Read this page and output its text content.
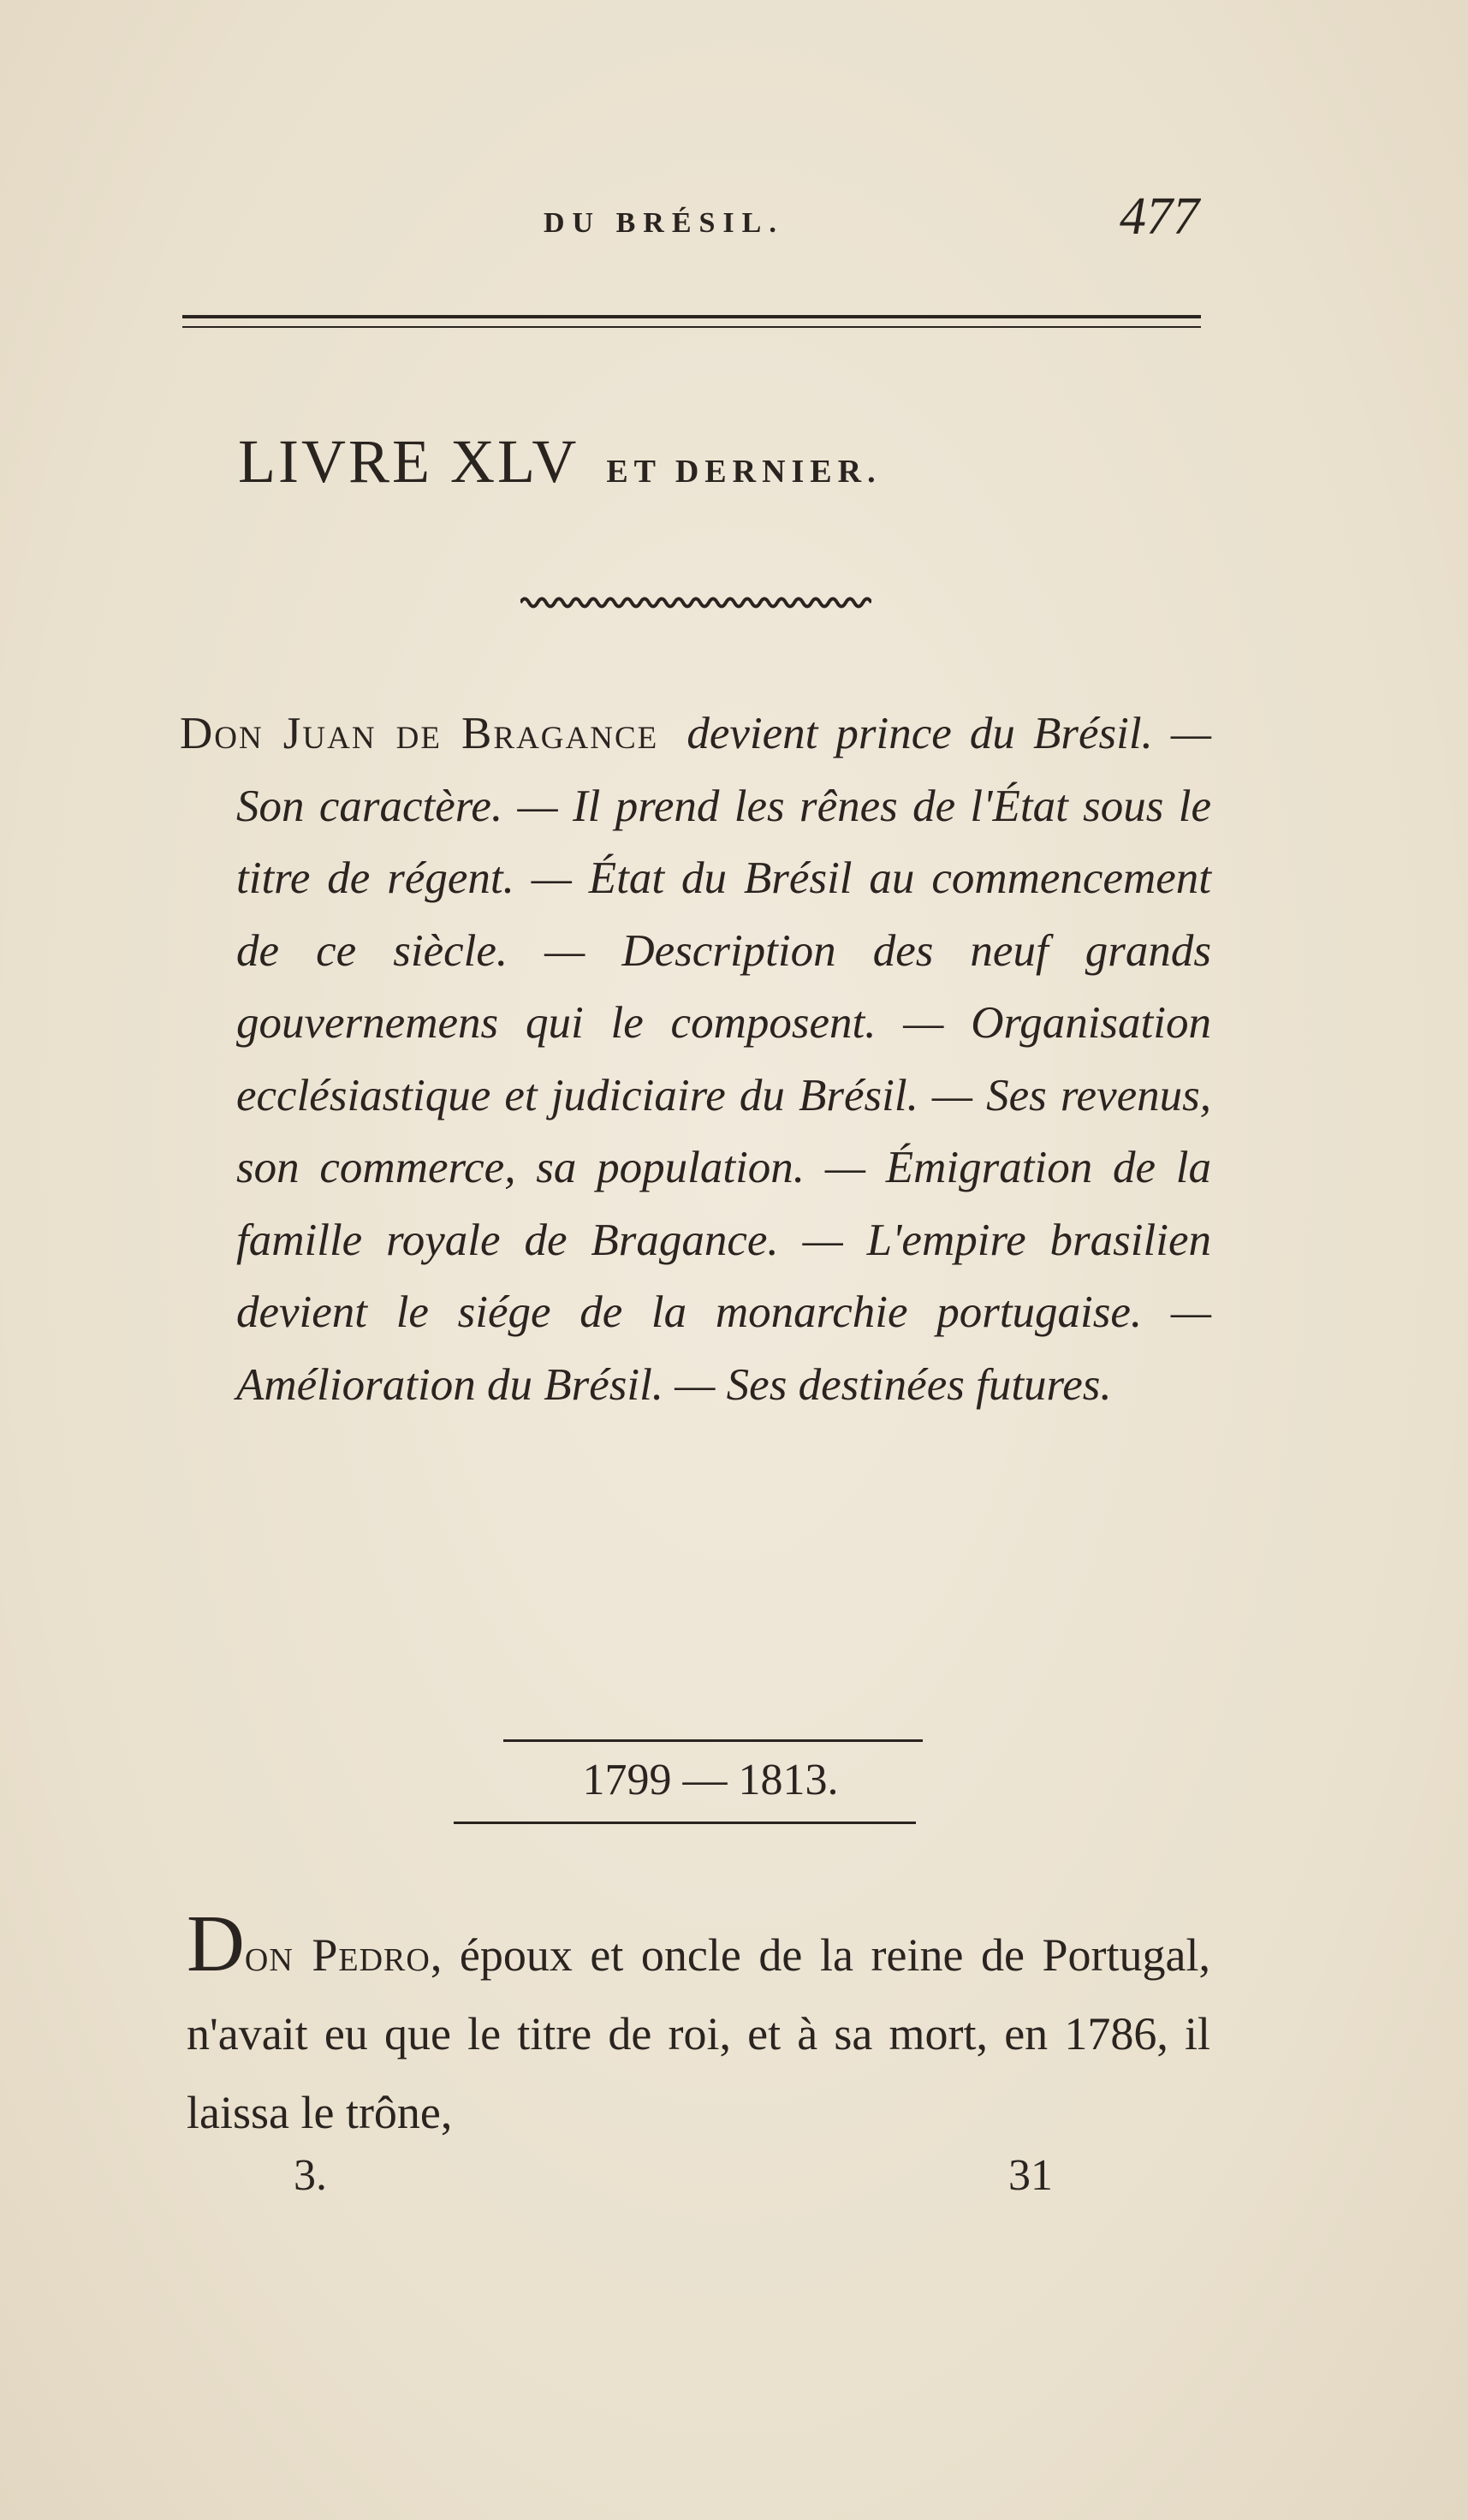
DU BRÉSIL.	477
LIVRE XLV ET DERNIER.
Don Juan de Bragance devient prince du Brésil. — Son caractère. — Il prend les rênes de l'État sous le titre de régent. — État du Brésil au commencement de ce siècle. — Description des neuf grands gouvernemens qui le composent. — Organisation ecclésiastique et judiciaire du Brésil. — Ses revenus, son commerce, sa population. — Émigration de la famille royale de Bragance. — L'empire brasilien devient le siége de la monarchie portugaise. — Amélioration du Brésil. — Ses destinées futures.
1799 — 1813.
Don Pedro, époux et oncle de la reine de Portugal, n'avait eu que le titre de roi, et à sa mort, en 1786, il laissa le trône,
3.	31
